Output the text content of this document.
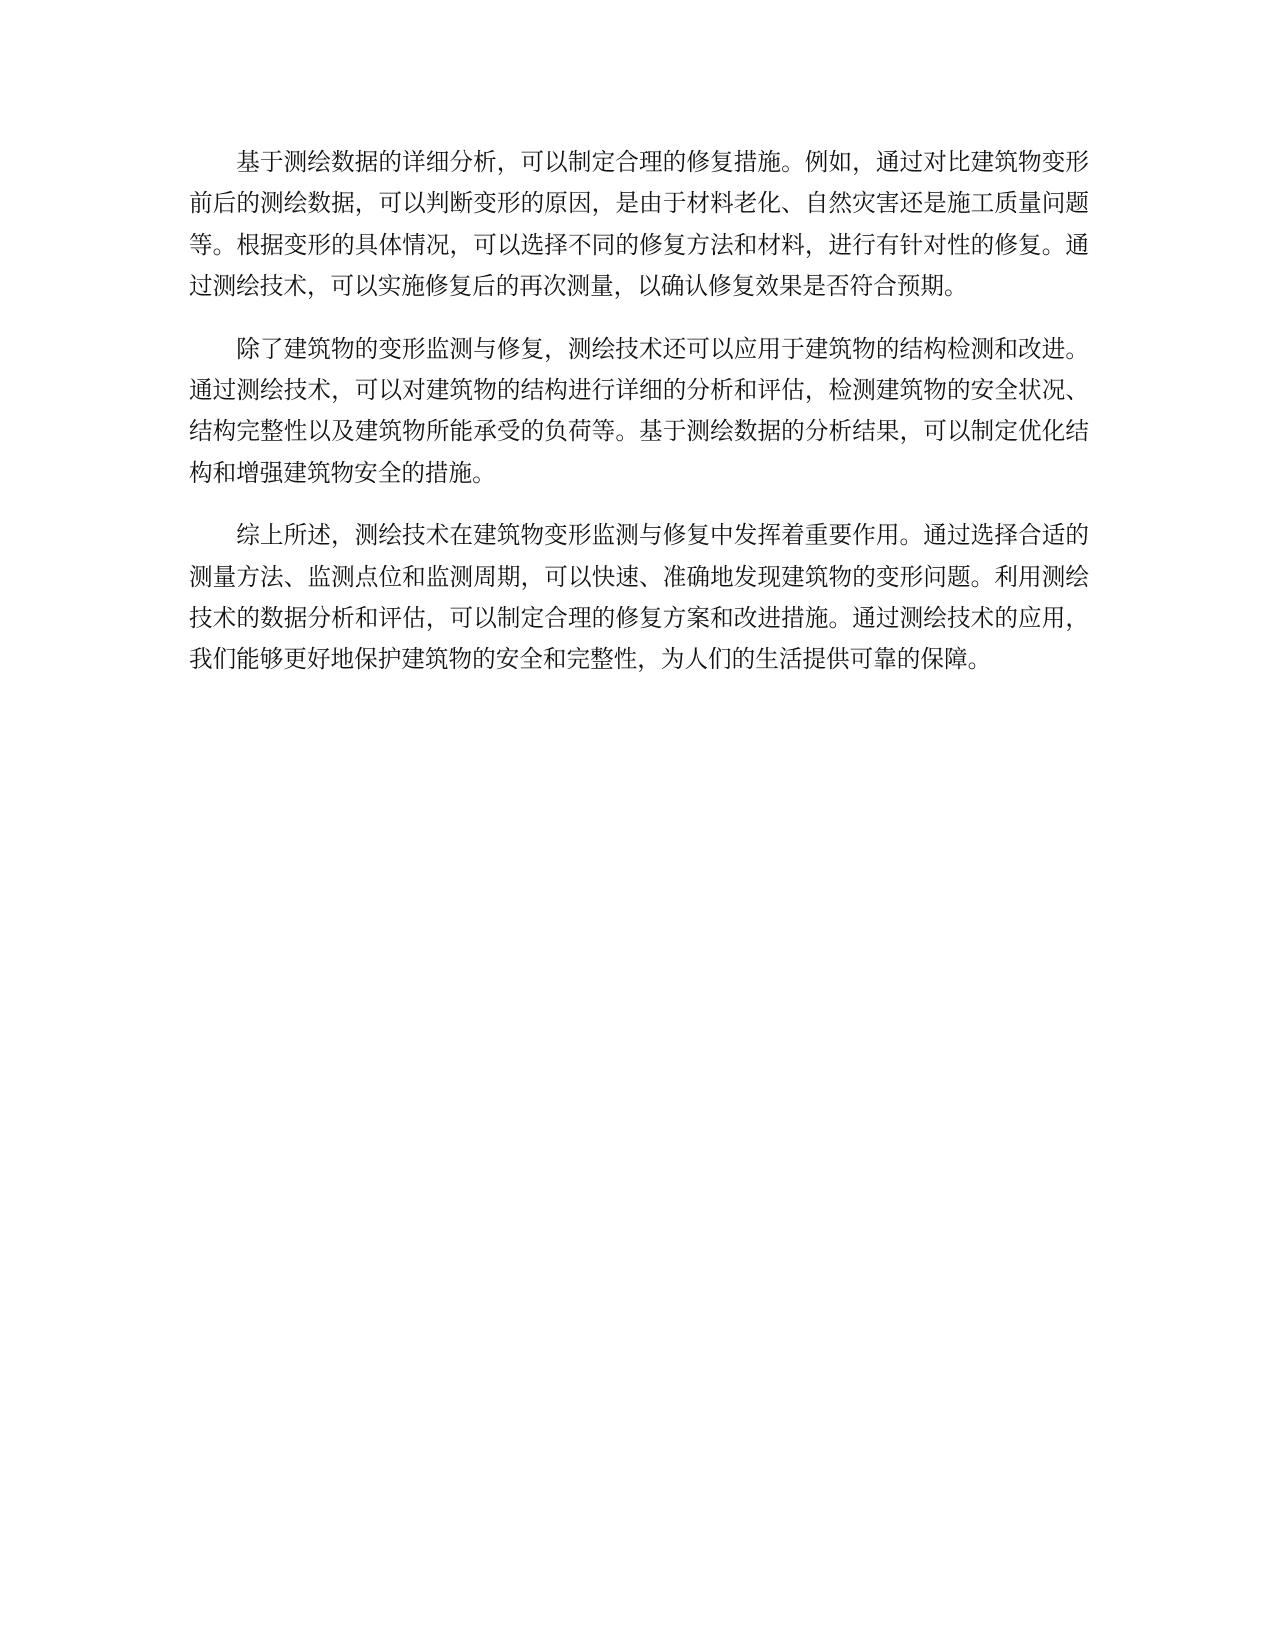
基于测绘数据的详细分析，可以制定合理的修复措施。例如，通过对比建筑物变形前后的测绘数据，可以判断变形的原因，是由于材料老化、自然灾害还是施工质量问题等。根据变形的具体情况，可以选择不同的修复方法和材料，进行有针对性的修复。通过测绘技术，可以实施修复后的再次测量，以确认修复效果是否符合预期。

除了建筑物的变形监测与修复，测绘技术还可以应用于建筑物的结构检测和改进。通过测绘技术，可以对建筑物的结构进行详细的分析和评估，检测建筑物的安全状况、结构完整性以及建筑物所能承受的负荷等。基于测绘数据的分析结果，可以制定优化结构和增强建筑物安全的措施。

综上所述，测绘技术在建筑物变形监测与修复中发挥着重要作用。通过选择合适的测量方法、监测点位和监测周期，可以快速、准确地发现建筑物的变形问题。利用测绘技术的数据分析和评估，可以制定合理的修复方案和改进措施。通过测绘技术的应用，我们能够更好地保护建筑物的安全和完整性，为人们的生活提供可靠的保障。
